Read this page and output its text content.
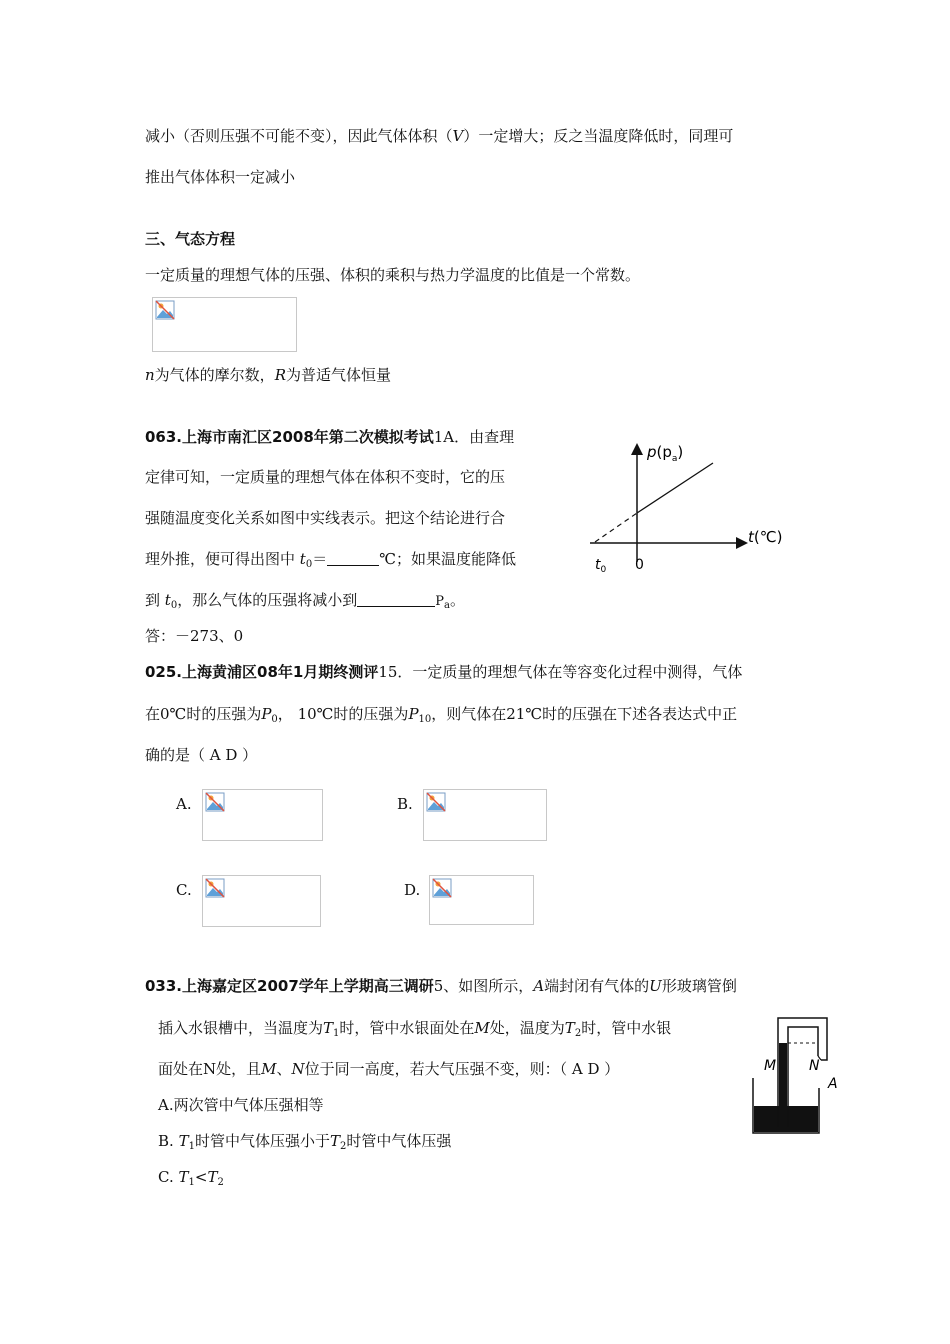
减小（否则压强不可能不变），因此气体体积（V）一定增大；反之当温度降低时，同理可
推出气体体积一定减小
三、气态方程
一定质量的理想气体的压强、体积的乘积与热力学温度的比值是一个常数。
n为气体的摩尔数，R为普适气体恒量
063.上海市南汇区2008年第二次模拟考试1A．由查理
定律可知，一定质量的理想气体在体积不变时，它的压
强随温度变化关系如图中实线表示。把这个结论进行合
理外推，便可得出图中 $t_0=$	℃；如果温度能降低
到 $t_0$，那么气体的压强将减小到	$P_a$。
答：－273、0
$p(p_a)$
t(℃)
$t_0$ 0
025.上海黄浦区08年1月期终测评15．一定质量的理想气体在等容变化过程中测得，气体
在0℃时的压强为$P_0$， 10℃时的压强为$P_{10}$，则气体在21℃时的压强在下述各表达式中正
确的是（ A D ）
A.	B.
C.	D.
033.上海嘉定区2007学年上学期高三调研5、如图所示，A端封闭有气体的U形玻璃管倒
插入水银槽中，当温度为$T_1$时，管中水银面处在M处，温度为$T_2$时，管中水银
面处在N处，且M、N位于同一高度，若大气压强不变，则：（ A D ）
A.两次管中气体压强相等
B. $T_1$时管中气体压强小于$T_2$时管中气体压强
C. $T_1<T_2$
M N
A
